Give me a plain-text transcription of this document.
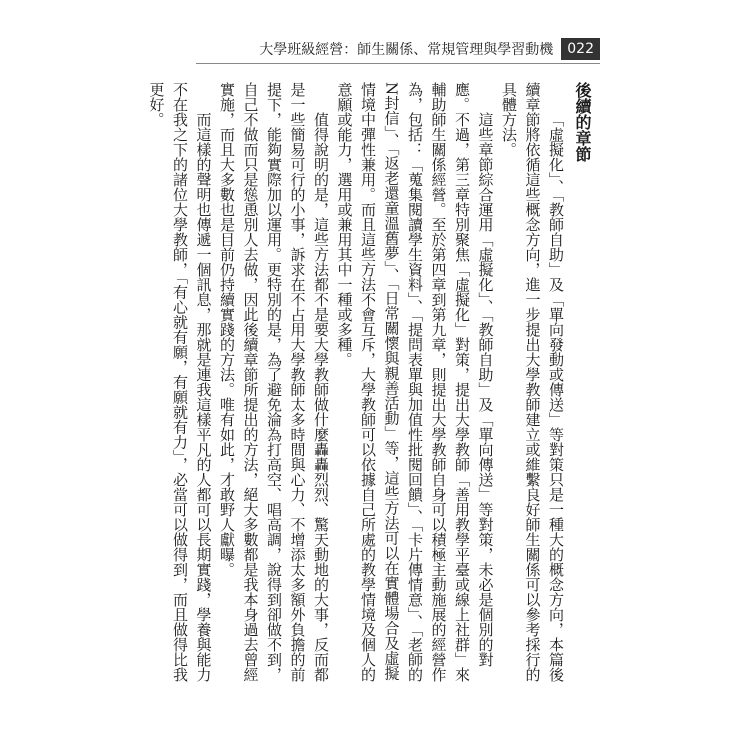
大學班級經營：師生關係、常規管理與學習動機	022

後續的章節

「虛擬化」、「教師自助」及「單向發動或傳送」等對策只是一種大的概念方向，本篇後續章節將依循這些概念方向，進一步提出大學教師建立或維繫良好師生關係可以參考採行的具體方法。

這些章節綜合運用「虛擬化」、「教師自助」及「單向傳送」等對策，未必是個別的對應。不過，第三章特別聚焦「虛擬化」對策，提出大學教師「善用教學平臺或線上社群」來輔助師生關係經營。至於第四章到第九章，則提出大學教師自身可以積極主動施展的經營作為，包括：「蒐集閱讀學生資料」、「提問表單與加值性批閱回饋」、「卡片傳情意」、「老師的N封信」、「返老還童溫舊夢」、「日常關懷與親善活動」等，這些方法可以在實體場合及虛擬情境中彈性兼用。而且這些方法不會互斥，大學教師可以依據自己所處的教學情境及個人的意願或能力，選用或兼用其中一種或多種。

值得說明的是，這些方法都不是要大學教師做什麼轟轟烈烈、驚天動地的大事，反而都是一些簡易可行的小事，訴求在不占用大學教師太多時間與心力、不增添太多額外負擔的前提下，能夠實際加以運用。更特別的是，為了避免淪為打高空、唱高調，說得到卻做不到，自己不做而只是慫恿別人去做，因此後續章節所提出的方法，絕大多數都是我本身過去曾經實施，而且大多數也是目前仍持續實踐的方法。唯有如此，才敢野人獻曝。

而這樣的聲明也傳遞一個訊息，那就是連我這樣平凡的人都可以長期實踐，學養與能力不在我之下的諸位大學教師，「有心就有願，有願就有力」，必當可以做得到，而且做得比我更好。
